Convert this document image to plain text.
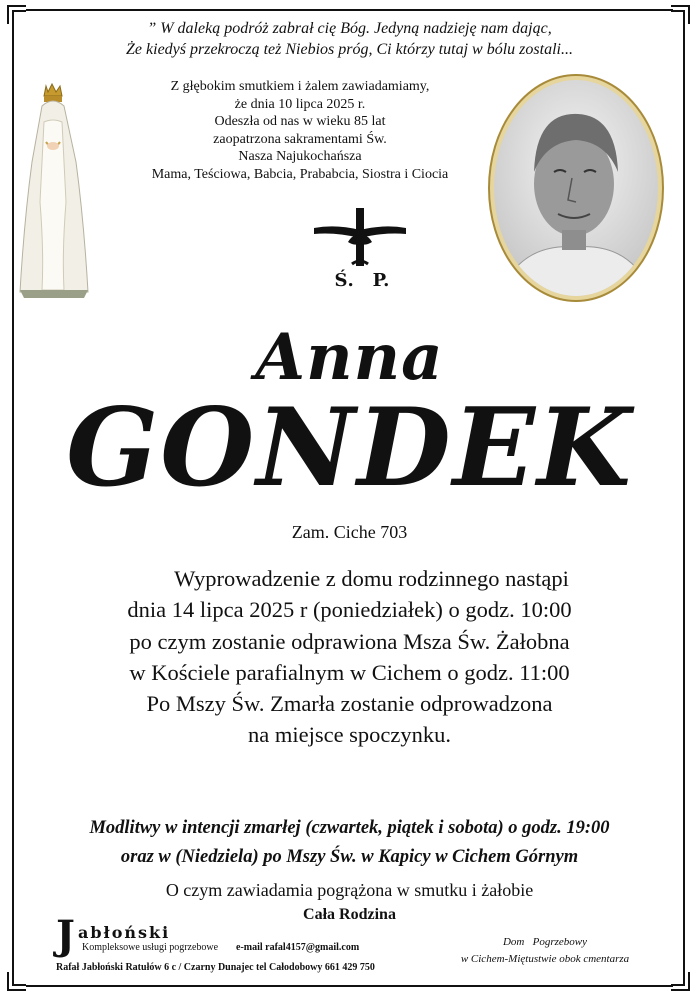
” W daleką podróż zabrał cię Bóg. Jedyną nadzieję nam dając,
Że kiedyś przekroczą też Niebios próg, Ci którzy tutaj w bólu zostali...
Z głębokim smutkiem i żalem zawiadamiamy,
że dnia 10 lipca 2025 r.
Odeszła od nas w wieku 85 lat
zaopatrzona sakramentami Św.
Nasza Najukochańsza
Mama, Teściowa, Babcia, Prababcia, Siostra i Ciocia
Ś.   P.
Anna
GONDEK
Zam. Ciche 703
Wyprowadzenie z domu rodzinnego nastąpi
dnia 14 lipca 2025 r (poniedziałek) o godz. 10:00
po czym zostanie odprawiona Msza Św. Żałobna
w Kościele parafialnym w Cichem o godz. 11:00
Po Mszy Św. Zmarła zostanie odprowadzona
na miejsce spoczynku.
Modlitwy w intencji zmarłej (czwartek, piątek i sobota) o godz. 19:00
oraz w (Niedziela) po Mszy Św. w Kapicy w Cichem Górnym
O czym zawiadamia pogrążona w smutku i żałobie
Cała Rodzina
J abłoński
Kompleksowe usługi pogrzebowe e-mail rafal4157@gmail.com
Rafał Jabłoński Ratułów 6 c / Czarny Dunajec tel Całodobowy 661 429 750
Dom   Pogrzebowy
w Cichem-Miętustwie obok cmentarza
